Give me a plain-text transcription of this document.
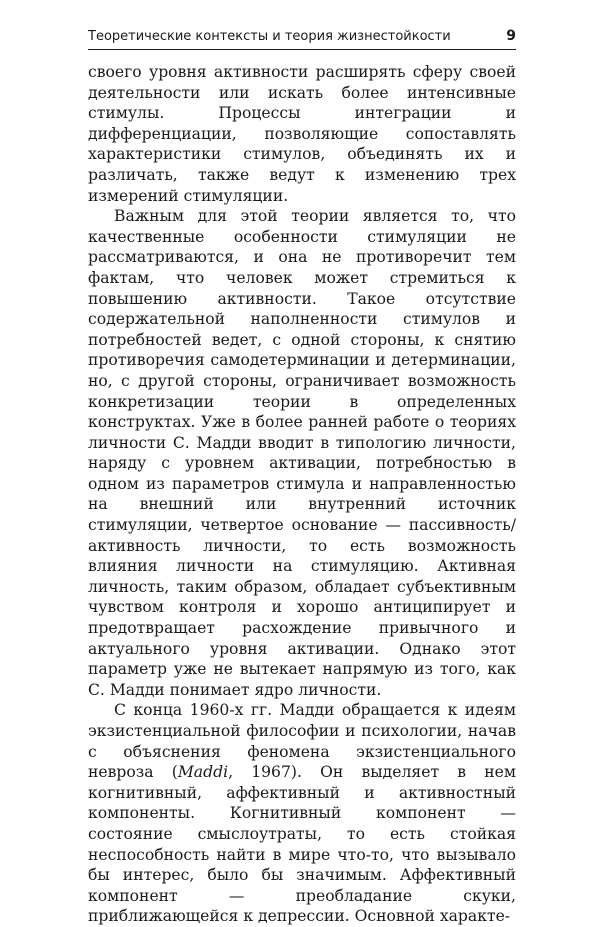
Теоретические контексты и теория жизнестойкости	9

своего уровня активности расширять сферу своей деятельности или искать более интенсивные стимулы. Процессы интеграции и дифференциации, позволяющие сопоставлять характеристики стимулов, объединять их и различать, также ведут к изменению трех измерений стимуляции.

Важным для этой теории является то, что качественные особенности стимуляции не рассматриваются, и она не противоречит тем фактам, что человек может стремиться к повышению активности. Такое отсутствие содержательной наполненности стимулов и потребностей ведет, с одной стороны, к снятию противоречия самодетерминации и детерминации, но, с другой стороны, ограничивает возможность конкретизации теории в определенных конструктах. Уже в более ранней работе о теориях личности С. Мадди вводит в типологию личности, наряду с уровнем активации, потребностью в одном из параметров стимула и направленностью на внешний или внутренний источник стимуляции, четвертое основание — пассивность/активность личности, то есть возможность влияния личности на стимуляцию. Активная личность, таким образом, обладает субъективным чувством контроля и хорошо антиципирует и предотвращает расхождение привычного и актуального уровня активации. Однако этот параметр уже не вытекает напрямую из того, как С. Мадди понимает ядро личности.

С конца 1960-х гг. Мадди обращается к идеям экзистенциальной философии и психологии, начав с объяснения феномена экзистенциального невроза (Maddi, 1967). Он выделяет в нем когнитивный, аффективный и активностный компоненты. Когнитивный компонент — состояние смыслоутраты, то есть стойкая неспособность найти в мире что-то, что вызывало бы интерес, было бы значимым. Аффективный компонент — преобладание скуки, приближающейся к депрессии. Основной характе-
